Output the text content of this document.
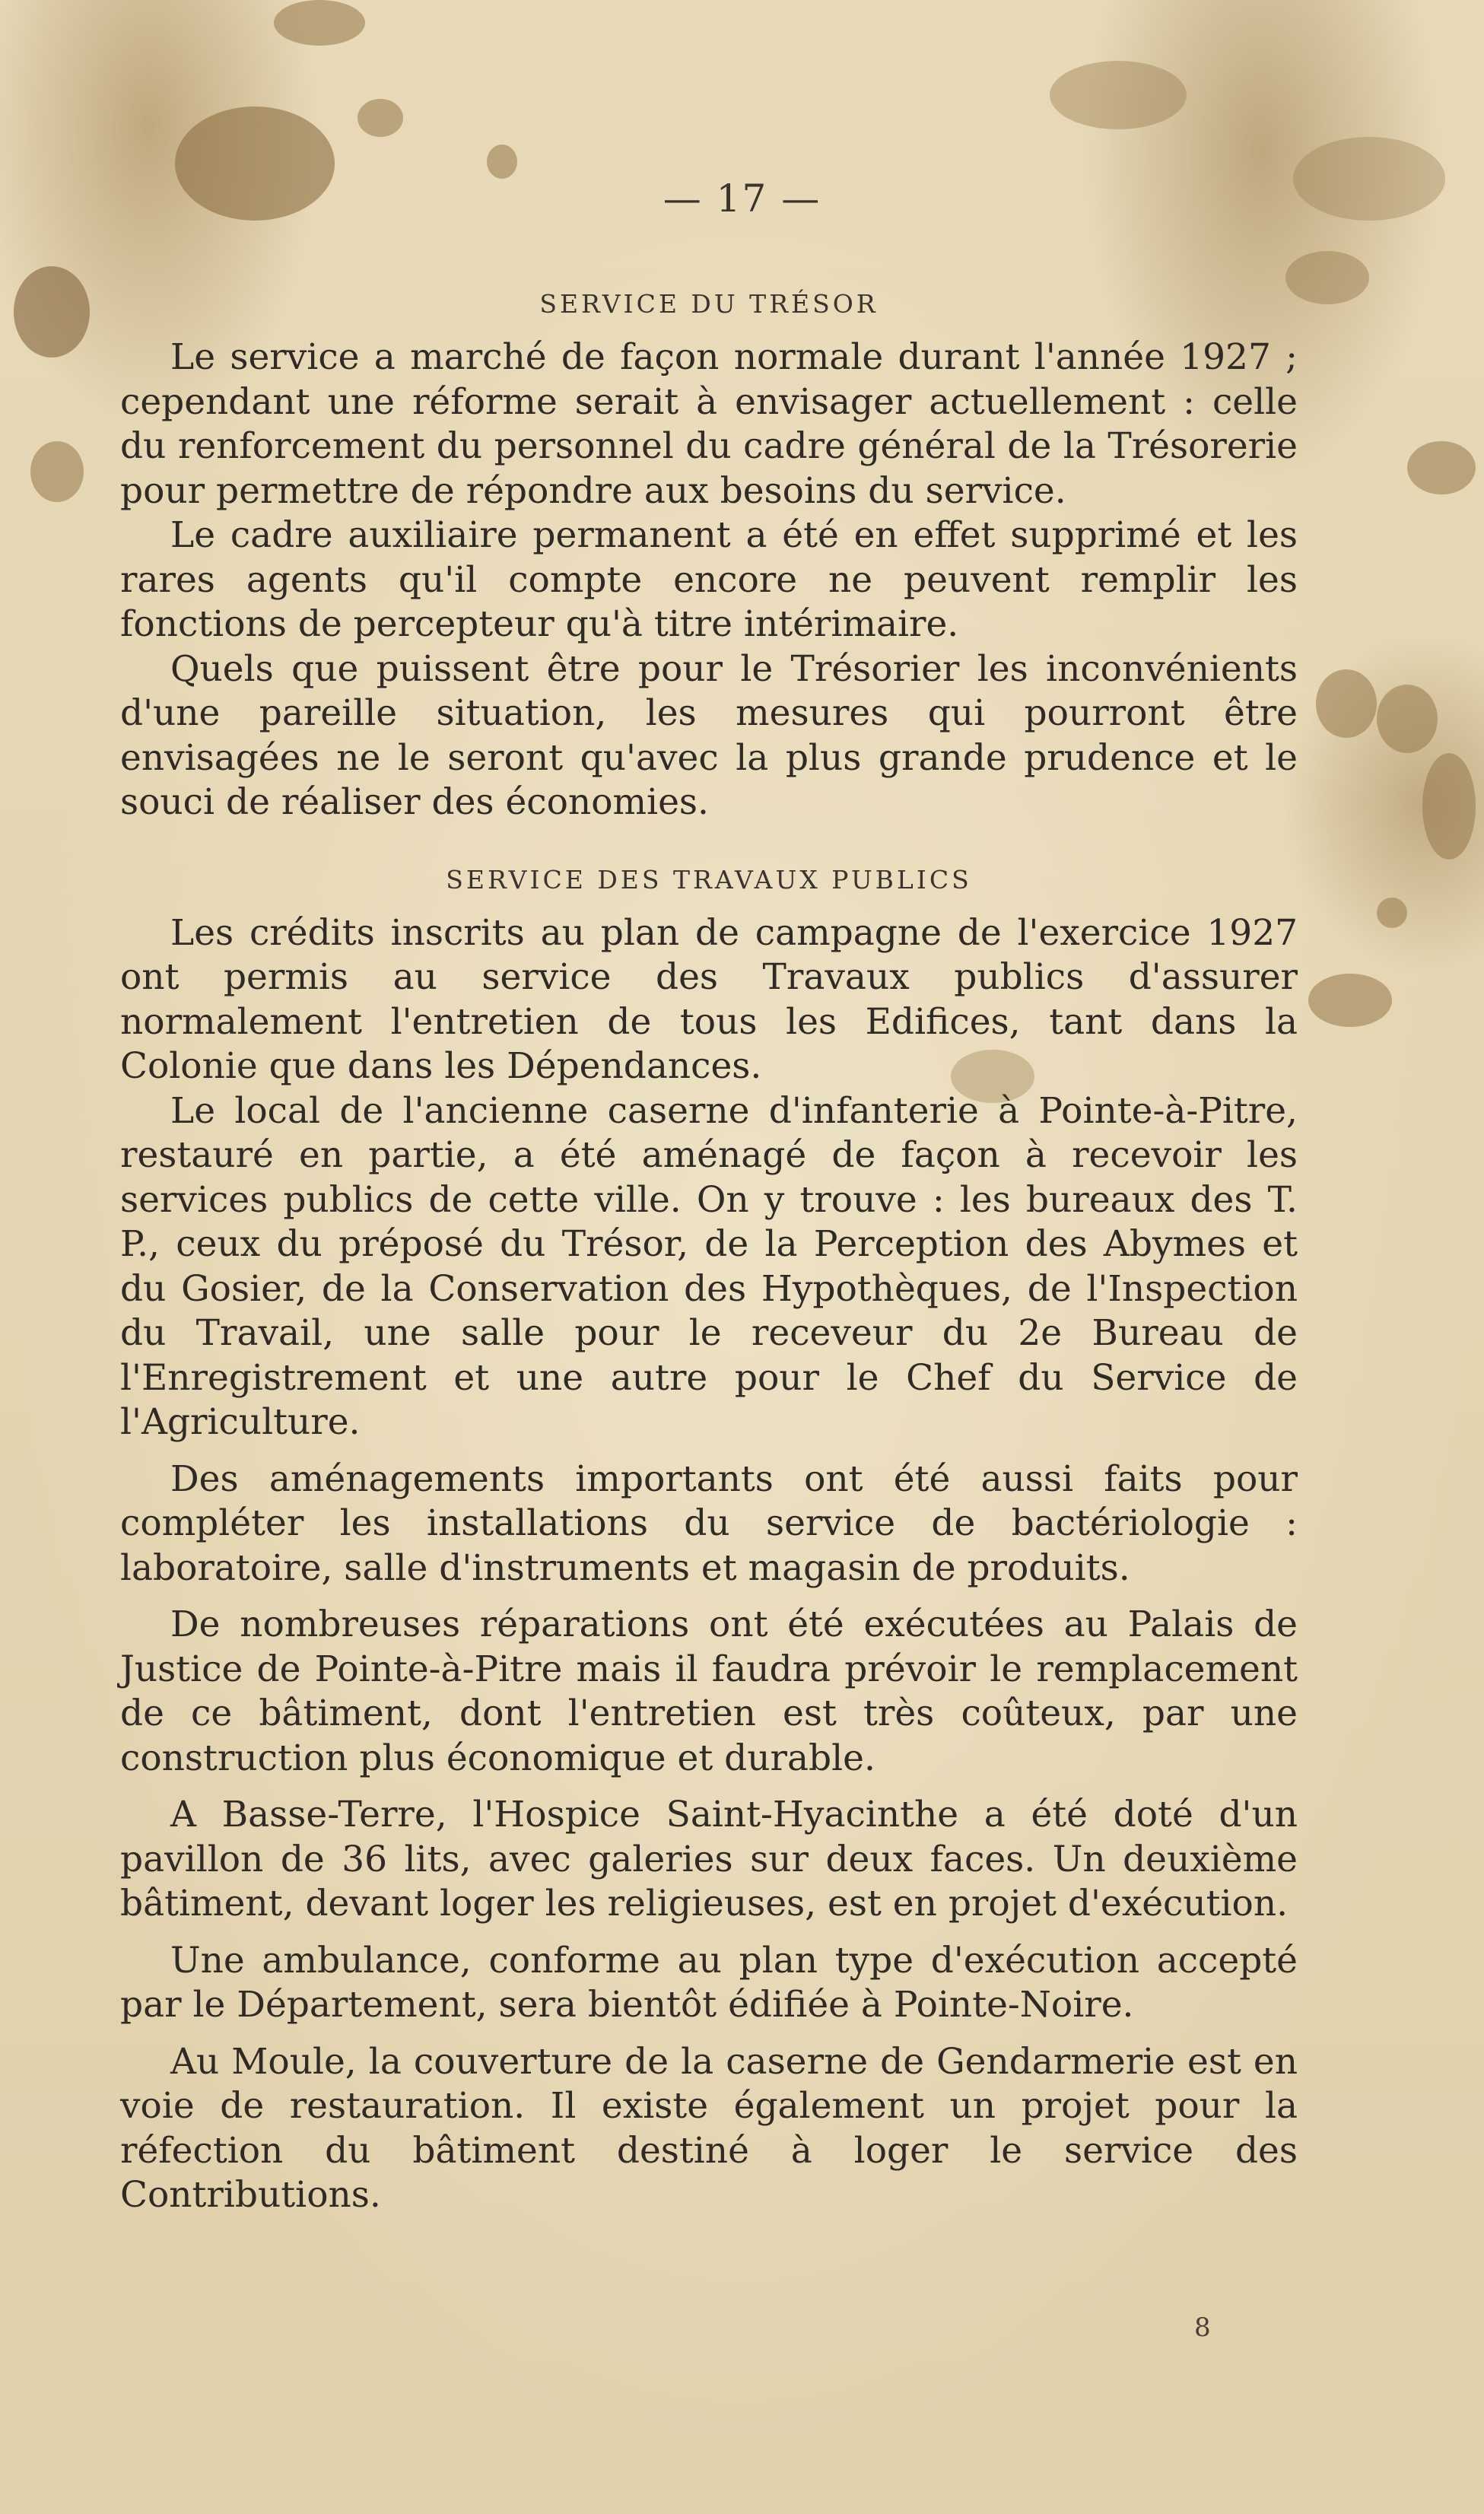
— 17 —
SERVICE DU TRÉSOR

Le service a marché de façon normale durant l'année 1927 ; cependant une réforme serait à envisager actuellement : celle du renforcement du personnel du cadre général de la Trésorerie pour permettre de répondre aux besoins du service.

Le cadre auxiliaire permanent a été en effet supprimé et les rares agents qu'il compte encore ne peuvent remplir les fonctions de percepteur qu'à titre intérimaire.

Quels que puissent être pour le Trésorier les inconvénients d'une pareille situation, les mesures qui pourront être envisagées ne le seront qu'avec la plus grande prudence et le souci de réaliser des économies.

SERVICE DES TRAVAUX PUBLICS

Les crédits inscrits au plan de campagne de l'exercice 1927 ont permis au service des Travaux publics d'assurer normalement l'entretien de tous les Edifices, tant dans la Colonie que dans les Dépendances.

Le local de l'ancienne caserne d'infanterie à Pointe-à-Pitre, restauré en partie, a été aménagé de façon à recevoir les services publics de cette ville. On y trouve : les bureaux des T. P., ceux du préposé du Trésor, de la Perception des Abymes et du Gosier, de la Conservation des Hypothèques, de l'Inspection du Travail, une salle pour le receveur du 2e Bureau de l'Enregistrement et une autre pour le Chef du Service de l'Agriculture.

Des aménagements importants ont été aussi faits pour compléter les installations du service de bactériologie : laboratoire, salle d'instruments et magasin de produits.

De nombreuses réparations ont été exécutées au Palais de Justice de Pointe-à-Pitre mais il faudra prévoir le remplacement de ce bâtiment, dont l'entretien est très coûteux, par une construction plus économique et durable.

A Basse-Terre, l'Hospice Saint-Hyacinthe a été doté d'un pavillon de 36 lits, avec galeries sur deux faces. Un deuxième bâtiment, devant loger les religieuses, est en projet d'exécution.

Une ambulance, conforme au plan type d'exécution accepté par le Département, sera bientôt édifiée à Pointe-Noire.

Au Moule, la couverture de la caserne de Gendarmerie est en voie de restauration. Il existe également un projet pour la réfection du bâtiment destiné à loger le service des Contributions.

8
